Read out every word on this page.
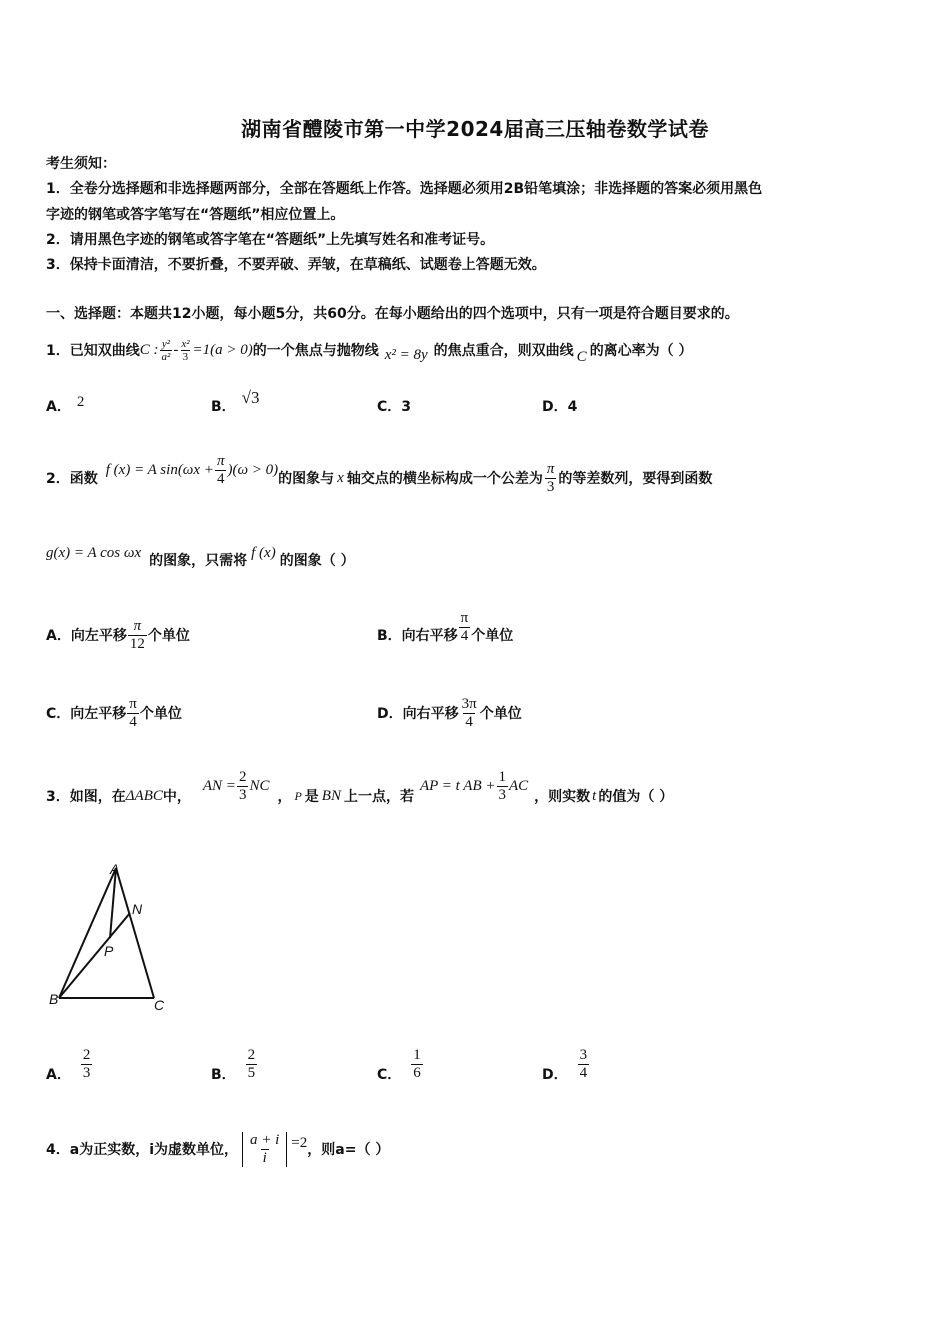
湖南省醴陵市第一中学2024届高三压轴卷数学试卷
考生须知：
1．全卷分选择题和非选择题两部分，全部在答题纸上作答。选择题必须用2B铅笔填涂；非选择题的答案必须用黑色
字迹的钢笔或答字笔写在“答题纸”相应位置上。
2．请用黑色字迹的钢笔或答字笔在“答题纸”上先填写姓名和准考证号。
3．保持卡面清洁，不要折叠，不要弄破、弄皱，在草稿纸、试题卷上答题无效。
一、选择题：本题共12小题，每小题5分，共60分。在每小题给出的四个选项中，只有一项是符合题目要求的。
1．已知双曲线 C : $\frac{\text{y²}}{\text{a²}} - \frac{\text{x²}}{3} =1(a > 0)$ 的一个焦点与抛物线 x² = 8y 的焦点重合，则双曲线 C 的离心率为（ ）
A． 2	B． √3	C．3	D．4
2．函数
f (x) = A $\sin(\omega x + \frac{\pi}{4} )(\omega > 0)$
的图象与 x 轴交点的横坐标构成一个公差为 $\frac{\pi}{3}$ 的等差数列，要得到函数
g(x) = A cos ωx
的图象，只需将
f (x)
的图象（ ）
A． 向左平移 $\frac{\pi}{12}$ 个单位	B． 向右平移 $\frac{\pi}{4}$ 个单位
C． 向左平移 $\frac{\pi}{4}$ 个单位	D． 向右平移 $\frac{3\pi}{4}$ 个单位
3．如图，在 ΔABC 中，
AN = $\frac{2}{3}$ NC
， P 是 BN 上一点，若
AP = t AB + $\frac{1}{3}$ AC
，则实数 t 的值为（ ）
A
B	C
N
P
A． $\frac{2}{3}$	B． $\frac{2}{5}$	C． $\frac{1}{6}$	D． $\frac{3}{4}$
4．a为正实数，i为虚数单位， $\frac{a + i}{i} =2$ ，则a=（ ）
